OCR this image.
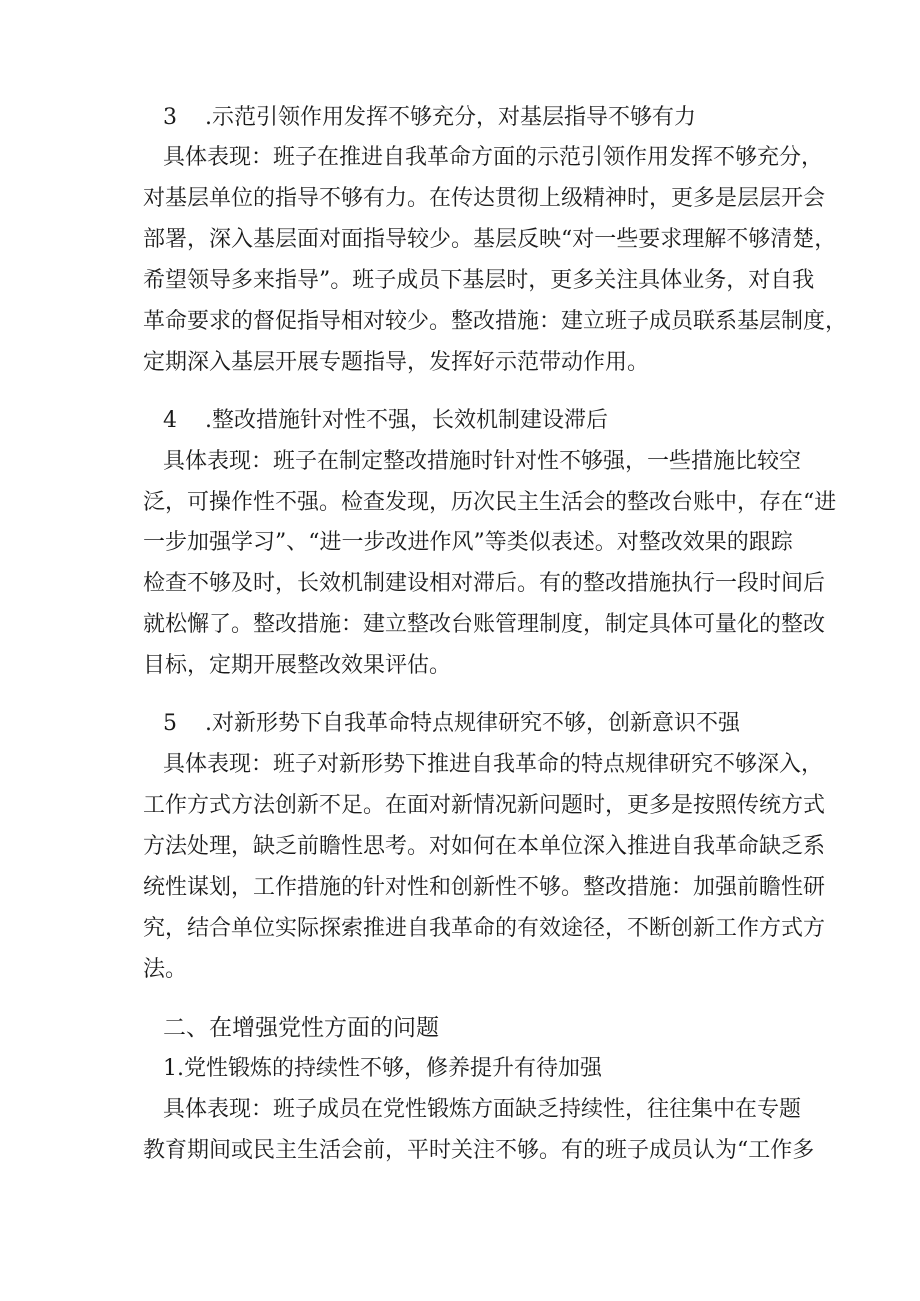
3 .示范引领作用发挥不够充分，对基层指导不够有力
具体表现：班子在推进自我革命方面的示范引领作用发挥不够充分，
对基层单位的指导不够有力。在传达贯彻上级精神时，更多是层层开会
部署，深入基层面对面指导较少。基层反映“对一些要求理解不够清楚，
希望领导多来指导”。班子成员下基层时，更多关注具体业务，对自我
革命要求的督促指导相对较少。整改措施：建立班子成员联系基层制度，
定期深入基层开展专题指导，发挥好示范带动作用。
4 .整改措施针对性不强，长效机制建设滞后
具体表现：班子在制定整改措施时针对性不够强，一些措施比较空
泛，可操作性不强。检查发现，历次民主生活会的整改台账中，存在“进
一步加强学习”、“进一步改进作风”等类似表述。对整改效果的跟踪
检查不够及时，长效机制建设相对滞后。有的整改措施执行一段时间后
就松懈了。整改措施：建立整改台账管理制度，制定具体可量化的整改
目标，定期开展整改效果评估。
5 .对新形势下自我革命特点规律研究不够，创新意识不强
具体表现：班子对新形势下推进自我革命的特点规律研究不够深入，
工作方式方法创新不足。在面对新情况新问题时，更多是按照传统方式
方法处理，缺乏前瞻性思考。对如何在本单位深入推进自我革命缺乏系
统性谋划，工作措施的针对性和创新性不够。整改措施：加强前瞻性研
究，结合单位实际探索推进自我革命的有效途径，不断创新工作方式方
法。
二、在增强党性方面的问题
1.党性锻炼的持续性不够，修养提升有待加强
具体表现：班子成员在党性锻炼方面缺乏持续性，往往集中在专题
教育期间或民主生活会前，平时关注不够。有的班子成员认为“工作多
